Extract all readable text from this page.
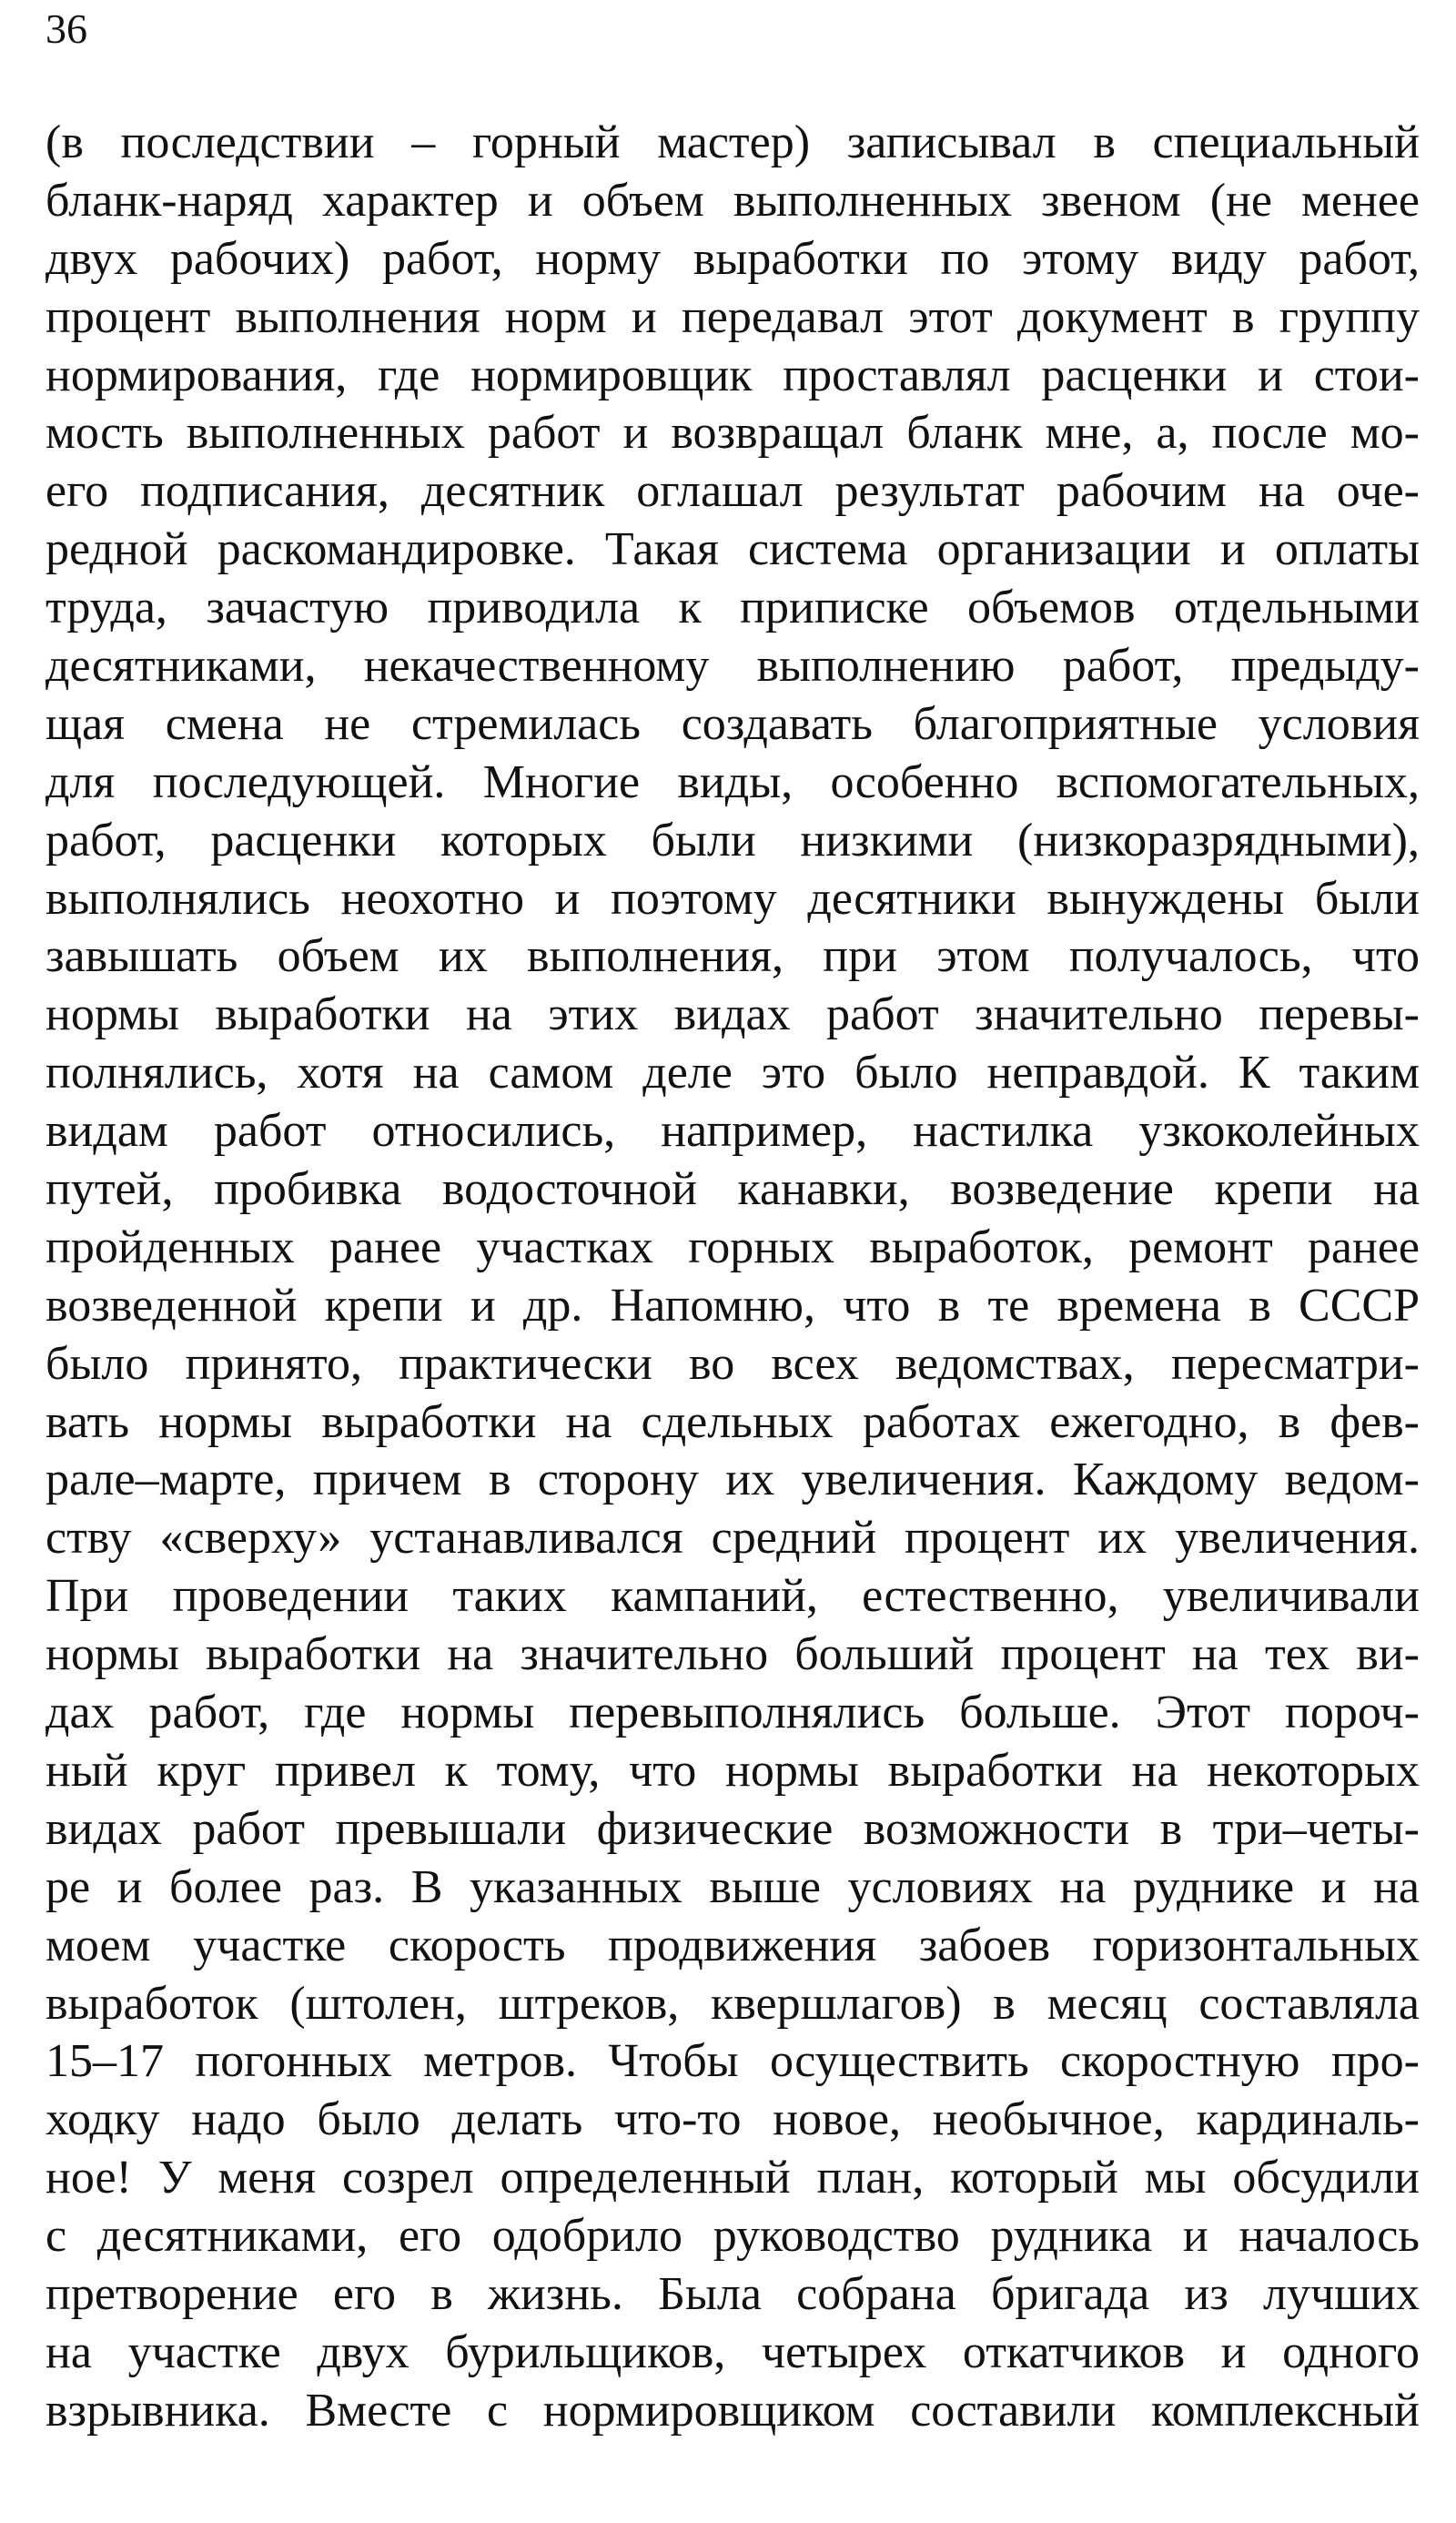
36
(в последствии – горный мастер) записывал в специальный
бланк-наряд характер и объем выполненных звеном (не менее
двух рабочих) работ, норму выработки по этому виду работ,
процент выполнения норм и передавал этот документ в группу
нормирования, где нормировщик проставлял расценки и стои-
мость выполненных работ и возвращал бланк мне, а, после мо-
его подписания, десятник оглашал результат рабочим на оче-
редной раскомандировке. Такая система организации и оплаты
труда, зачастую приводила к приписке объемов отдельными
десятниками, некачественному выполнению работ, предыду-
щая смена не стремилась создавать благоприятные условия
для последующей. Многие виды, особенно вспомогательных,
работ, расценки которых были низкими (низкоразрядными),
выполнялись неохотно и поэтому десятники вынуждены были
завышать объем их выполнения, при этом получалось, что
нормы выработки на этих видах работ значительно перевы-
полнялись, хотя на самом деле это было неправдой. К таким
видам работ относились, например, настилка узкоколейных
путей, пробивка водосточной канавки, возведение крепи на
пройденных ранее участках горных выработок, ремонт ранее
возведенной крепи и др. Напомню, что в те времена в СССР
было принято, практически во всех ведомствах, пересматри-
вать нормы выработки на сдельных работах ежегодно, в фев-
рале–марте, причем в сторону их увеличения. Каждому ведом-
ству «сверху» устанавливался средний процент их увеличения.
При проведении таких кампаний, естественно, увеличивали
нормы выработки на значительно больший процент на тех ви-
дах работ, где нормы перевыполнялись больше. Этот пороч-
ный круг привел к тому, что нормы выработки на некоторых
видах работ превышали физические возможности в три–четы-
ре и более раз. В указанных выше условиях на руднике и на
моем участке скорость продвижения забоев горизонтальных
выработок (штолен, штреков, квершлагов) в месяц составляла
15–17 погонных метров. Чтобы осуществить скоростную про-
ходку надо было делать что-то новое, необычное, кардиналь-
ное! У меня созрел определенный план, который мы обсудили
с десятниками, его одобрило руководство рудника и началось
претворение его в жизнь. Была собрана бригада из лучших
на участке двух бурильщиков, четырех откатчиков и одного
взрывника. Вместе с нормировщиком составили комплексный
